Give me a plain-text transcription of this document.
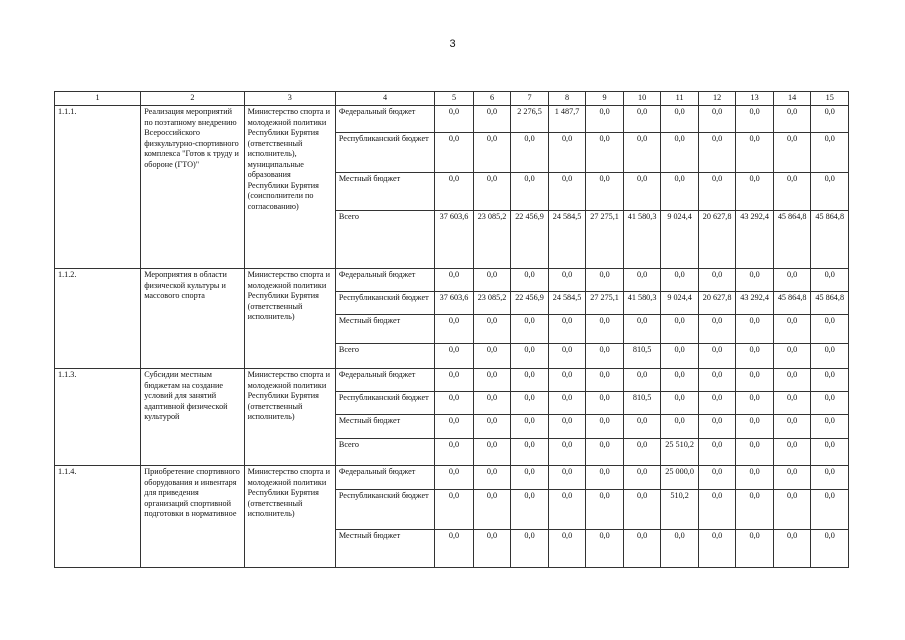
3
1	2	3	4	5	6	7	8	9	10	11	12	13	14	15
1.1.1.	Реализация мероприятий по поэтапному внедрению Всероссийского физкультурно-спортивного комплекса "Готов к труду и обороне (ГТО)"	Министерство спорта и молодежной политики Республики Бурятия (ответственный исполнитель), муниципальные образования Республики Бурятия (соисполнители по согласованию)	Федеральный бюджет	0,0	0,0	2 276,5	1 487,7	0,0	0,0	0,0	0,0	0,0	0,0	0,0
			Республиканский бюджет	0,0	0,0	0,0	0,0	0,0	0,0	0,0	0,0	0,0	0,0	0,0
			Местный бюджет	0,0	0,0	0,0	0,0	0,0	0,0	0,0	0,0	0,0	0,0	0,0
			Всего	37 603,6	23 085,2	22 456,9	24 584,5	27 275,1	41 580,3	9 024,4	20 627,8	43 292,4	45 864,8	45 864,8
1.1.2.	Мероприятия в области физической культуры и массового спорта	Министерство спорта и молодежной политики Республики Бурятия (ответственный исполнитель)	Федеральный бюджет	0,0	0,0	0,0	0,0	0,0	0,0	0,0	0,0	0,0	0,0	0,0
			Республиканский бюджет	37 603,6	23 085,2	22 456,9	24 584,5	27 275,1	41 580,3	9 024,4	20 627,8	43 292,4	45 864,8	45 864,8
			Местный бюджет	0,0	0,0	0,0	0,0	0,0	0,0	0,0	0,0	0,0	0,0	0,0
			Всего	0,0	0,0	0,0	0,0	0,0	810,5	0,0	0,0	0,0	0,0	0,0
1.1.3.	Субсидии местным бюджетам на создание условий для занятий адаптивной физической культурой	Министерство спорта и молодежной политики Республики Бурятия (ответственный исполнитель)	Федеральный бюджет	0,0	0,0	0,0	0,0	0,0	0,0	0,0	0,0	0,0	0,0	0,0
			Республиканский бюджет	0,0	0,0	0,0	0,0	0,0	810,5	0,0	0,0	0,0	0,0	0,0
			Местный бюджет	0,0	0,0	0,0	0,0	0,0	0,0	0,0	0,0	0,0	0,0	0,0
			Всего	0,0	0,0	0,0	0,0	0,0	0,0	25 510,2	0,0	0,0	0,0	0,0
1.1.4.	Приобретение спортивного оборудования и инвентаря для приведения организаций спортивной подготовки в нормативное	Министерство спорта и молодежной политики Республики Бурятия (ответственный исполнитель)	Федеральный бюджет	0,0	0,0	0,0	0,0	0,0	0,0	25 000,0	0,0	0,0	0,0	0,0
			Республиканский бюджет	0,0	0,0	0,0	0,0	0,0	0,0	510,2	0,0	0,0	0,0	0,0
			Местный бюджет	0,0	0,0	0,0	0,0	0,0	0,0	0,0	0,0	0,0	0,0	0,0
